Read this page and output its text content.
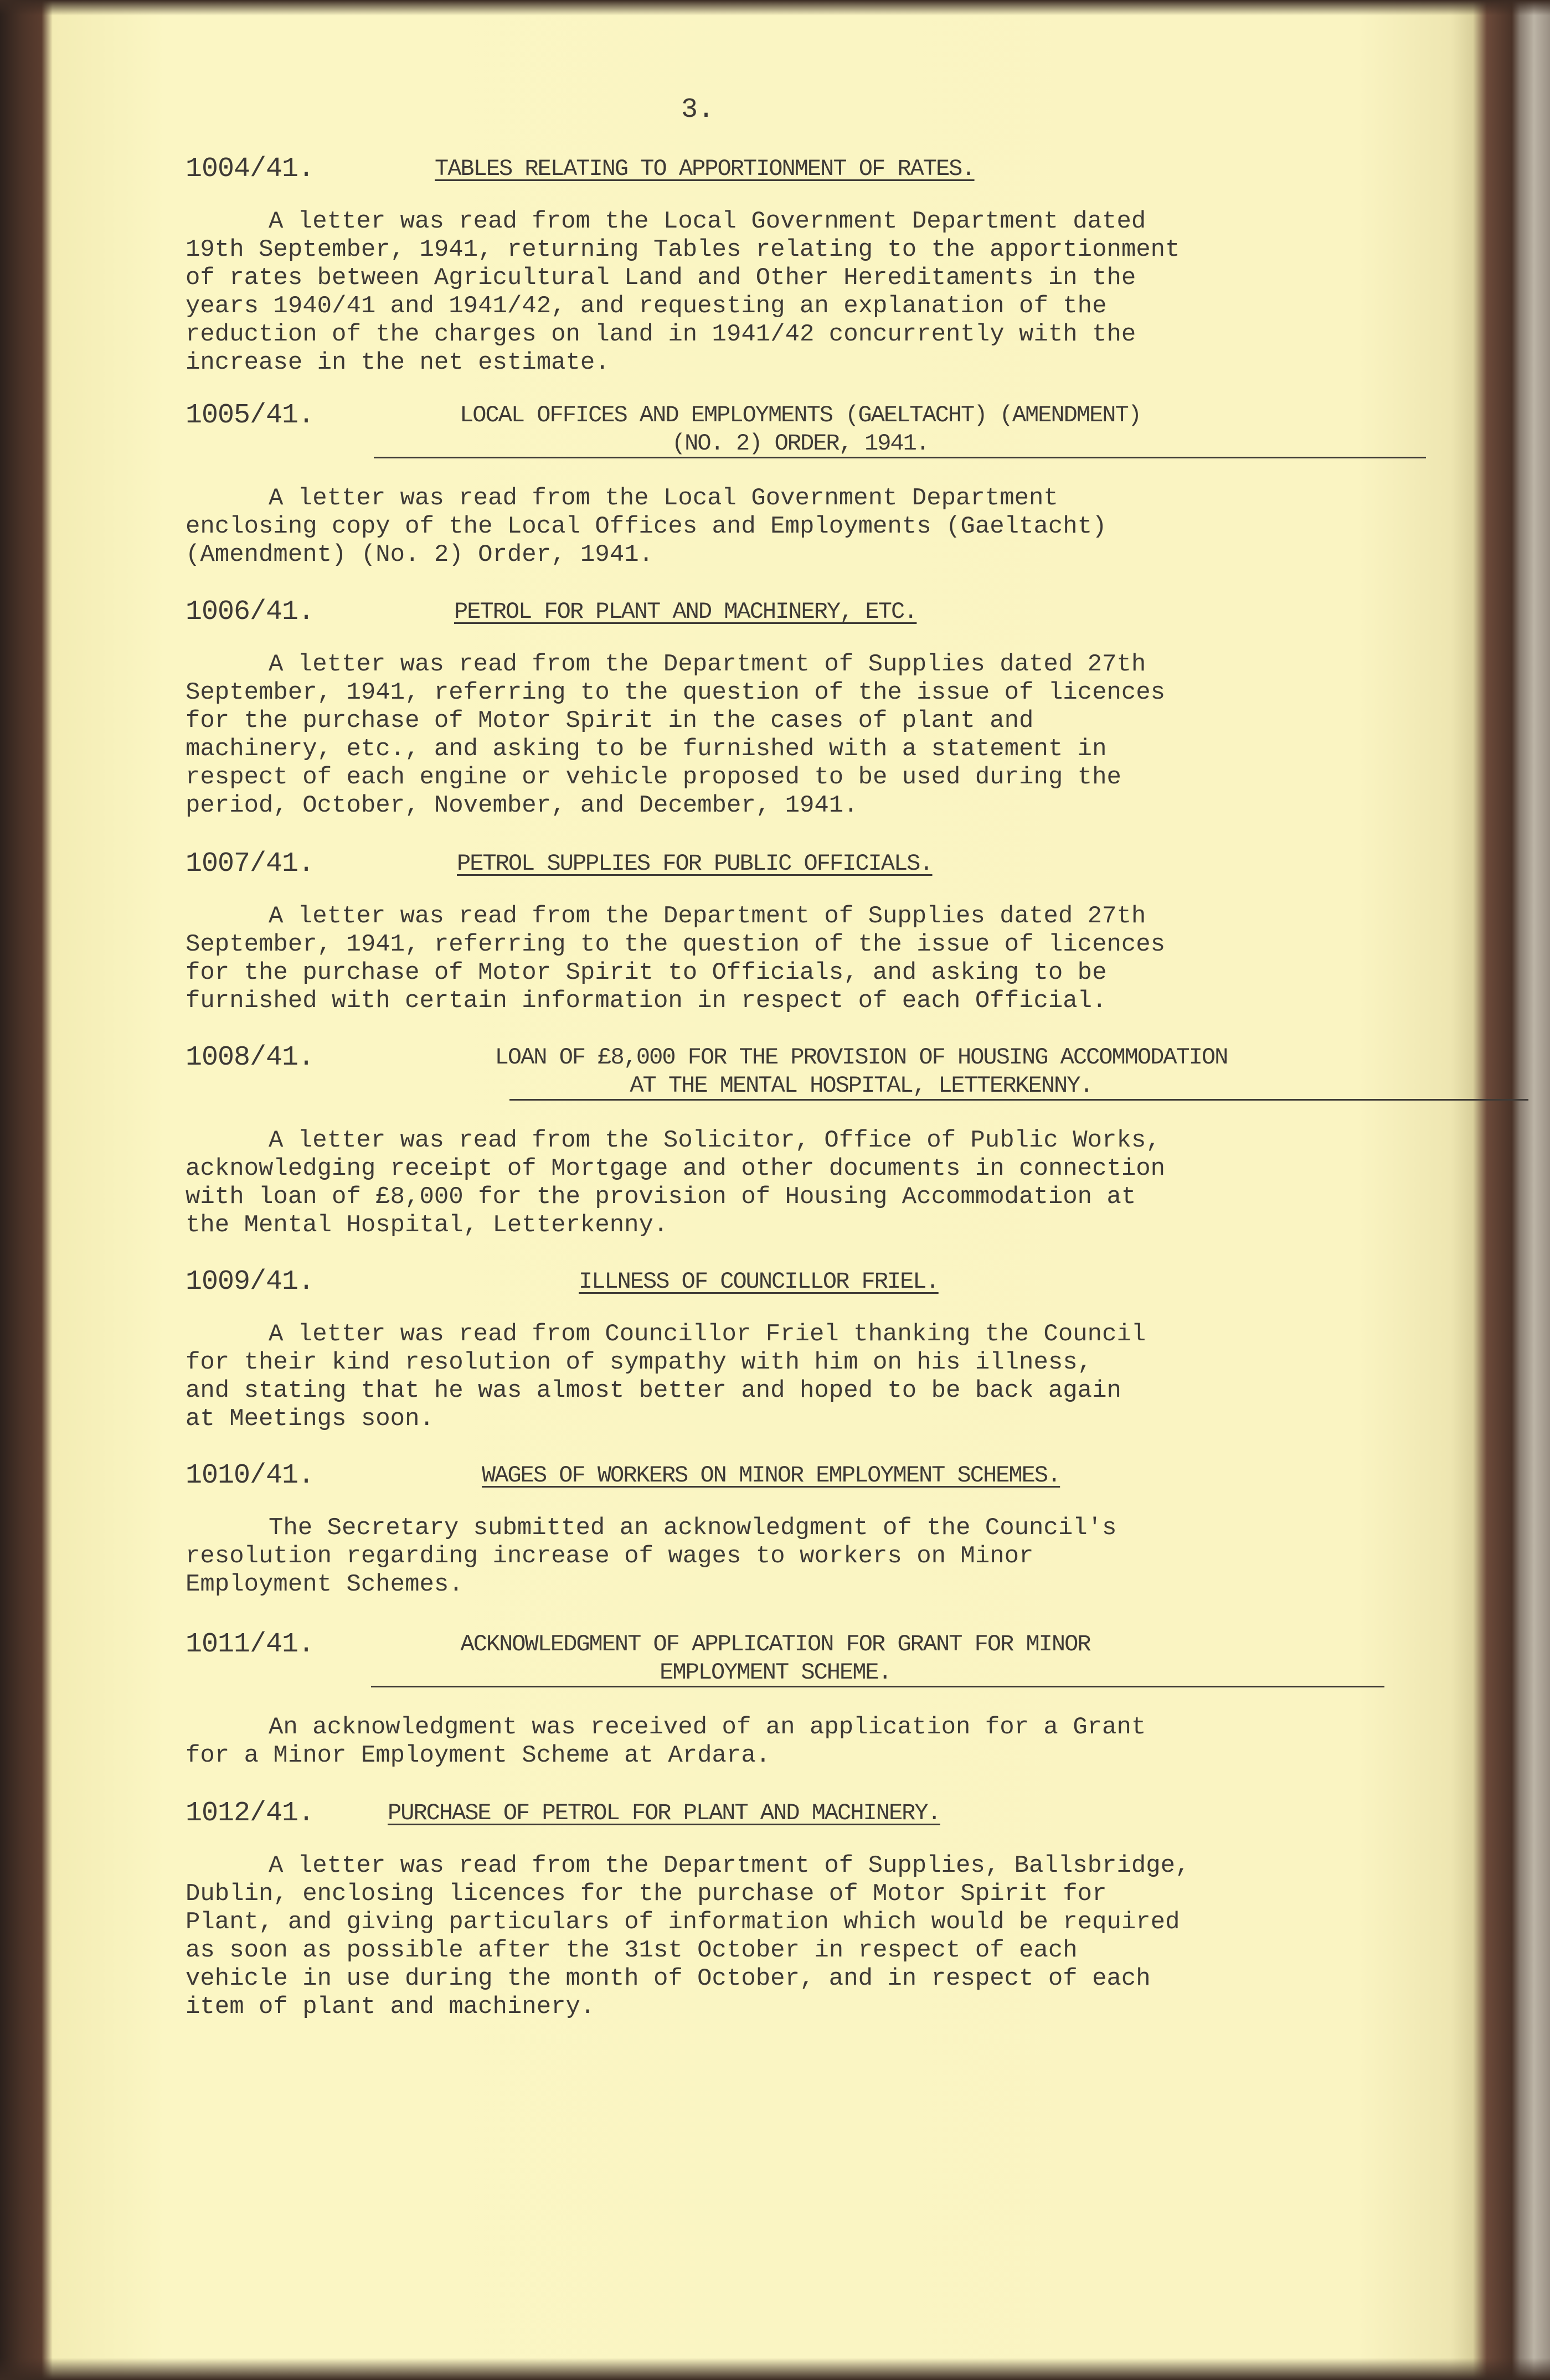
3.
1004/41.	TABLES RELATING TO APPORTIONMENT OF RATES.
A letter was read from the Local Government Department dated
19th September, 1941, returning Tables relating to the apportionment
of rates between Agricultural Land and Other Hereditaments in the
years 1940/41 and 1941/42, and requesting an explanation of the
reduction of the charges on land in 1941/42 concurrently with the
increase in the net estimate.
1005/41.	LOCAL OFFICES AND EMPLOYMENTS (GAELTACHT) (AMENDMENT)
(NO. 2) ORDER, 1941.
A letter was read from the Local Government Department
enclosing copy of the Local Offices and Employments (Gaeltacht)
(Amendment) (No. 2) Order, 1941.
1006/41.	PETROL FOR PLANT AND MACHINERY, ETC.
A letter was read from the Department of Supplies dated 27th
September, 1941, referring to the question of the issue of licences
for the purchase of Motor Spirit in the cases of plant and
machinery, etc., and asking to be furnished with a statement in
respect of each engine or vehicle proposed to be used during the
period, October, November, and December, 1941.
1007/41.	PETROL SUPPLIES FOR PUBLIC OFFICIALS.
A letter was read from the Department of Supplies dated 27th
September, 1941, referring to the question of the issue of licences
for the purchase of Motor Spirit to Officials, and asking to be
furnished with certain information in respect of each Official.
1008/41.	LOAN OF £8,000 FOR THE PROVISION OF HOUSING ACCOMMODATION
AT THE MENTAL HOSPITAL, LETTERKENNY.
A letter was read from the Solicitor, Office of Public Works,
acknowledging receipt of Mortgage and other documents in connection
with loan of £8,000 for the provision of Housing Accommodation at
the Mental Hospital, Letterkenny.
1009/41.	ILLNESS OF COUNCILLOR FRIEL.
A letter was read from Councillor Friel thanking the Council
for their kind resolution of sympathy with him on his illness,
and stating that he was almost better and hoped to be back again
at Meetings soon.
1010/41.	WAGES OF WORKERS ON MINOR EMPLOYMENT SCHEMES.
The Secretary submitted an acknowledgment of the Council's
resolution regarding increase of wages to workers on Minor
Employment Schemes.
1011/41.	ACKNOWLEDGMENT OF APPLICATION FOR GRANT FOR MINOR
EMPLOYMENT SCHEME.
An acknowledgment was received of an application for a Grant
for a Minor Employment Scheme at Ardara.
1012/41.	PURCHASE OF PETROL FOR PLANT AND MACHINERY.
A letter was read from the Department of Supplies, Ballsbridge,
Dublin, enclosing licences for the purchase of Motor Spirit for
Plant, and giving particulars of information which would be required
as soon as possible after the 31st October in respect of each
vehicle in use during the month of October, and in respect of each
item of plant and machinery.
